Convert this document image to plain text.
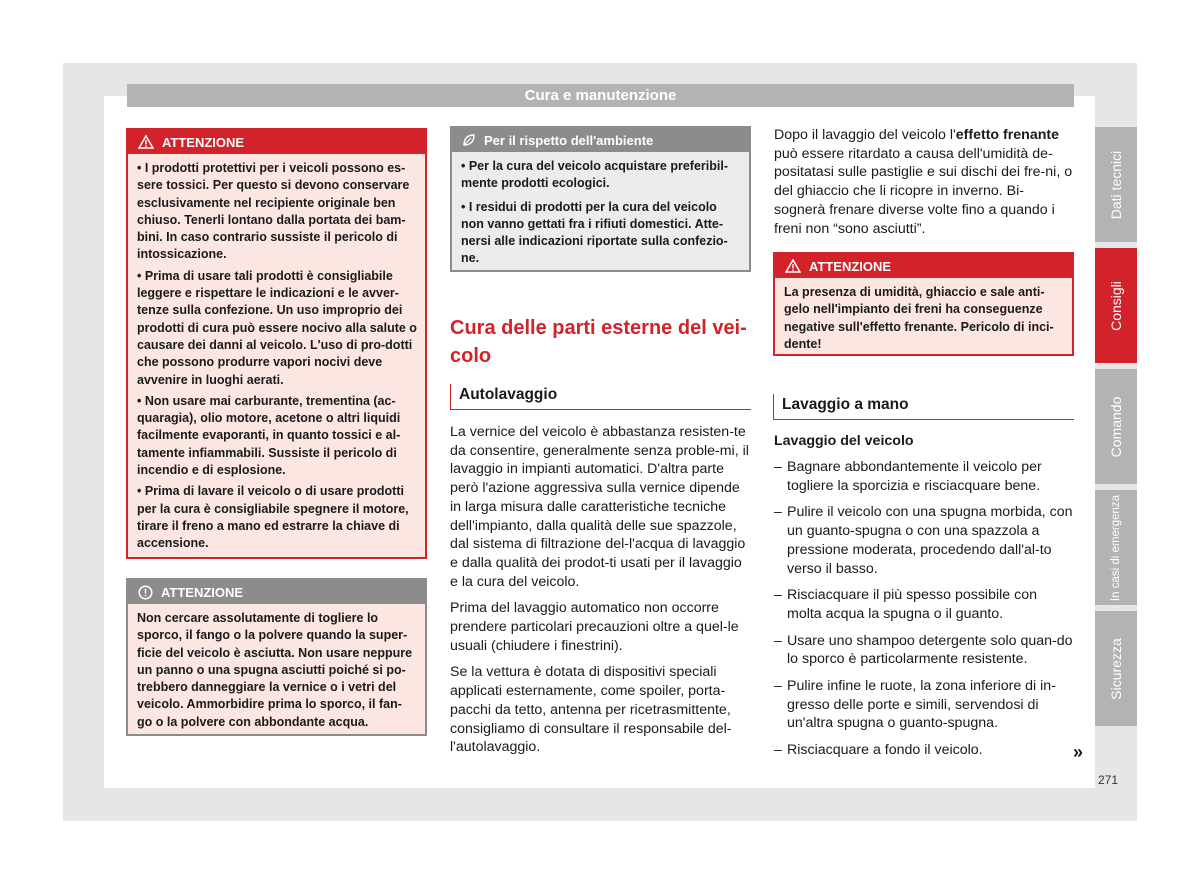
Cura e manutenzione
Dati tecnici
Consigli
Comando
In casi di emergenza
Sicurezza
ATTENZIONE

• I prodotti protettivi per i veicoli possono es-sere tossici. Per questo si devono conservare esclusivamente nel recipiente originale ben chiuso. Tenerli lontano dalla portata dei bam-bini. In caso contrario sussiste il pericolo di intossicazione.

• Prima di usare tali prodotti è consigliabile leggere e rispettare le indicazioni e le avver-tenze sulla confezione. Un uso improprio dei prodotti di cura può essere nocivo alla salute o causare dei danni al veicolo. L'uso di pro-dotti che possono produrre vapori nocivi deve avvenire in luoghi aerati.

• Non usare mai carburante, trementina (ac-quaragia), olio motore, acetone o altri liquidi facilmente evaporanti, in quanto tossici e al-tamente infiammabili. Sussiste il pericolo di incendio e di esplosione.

• Prima di lavare il veicolo o di usare prodotti per la cura è consigliabile spegnere il motore, tirare il freno a mano ed estrarre la chiave di accensione.

ATTENZIONE
Non cercare assolutamente di togliere lo sporco, il fango o la polvere quando la super-ficie del veicolo è asciutta. Non usare neppure un panno o una spugna asciutti poiché si po-trebbero danneggiare la vernice o i vetri del veicolo. Ammorbidire prima lo sporco, il fan-go o la polvere con abbondante acqua.
Per il rispetto dell'ambiente

• Per la cura del veicolo acquistare preferibil-mente prodotti ecologici.

• I residui di prodotti per la cura del veicolo non vanno gettati fra i rifiuti domestici. Atte-nersi alle indicazioni riportate sulla confezio-ne.

Cura delle parti esterne del vei-
colo
Autolavaggio

La vernice del veicolo è abbastanza resisten-te da consentire, generalmente senza proble-mi, il lavaggio in impianti automatici. D'altra parte però l'azione aggressiva sulla vernice dipende in larga misura dalle caratteristiche tecniche dell'impianto, dalla qualità delle sue spazzole, dal sistema di filtrazione del-l'acqua di lavaggio e dalla qualità dei prodot-ti usati per il lavaggio e la cura del veicolo.

Prima del lavaggio automatico non occorre prendere particolari precauzioni oltre a quel-le usuali (chiudere i finestrini).

Se la vettura è dotata di dispositivi speciali applicati esternamente, come spoiler, porta-pacchi da tetto, antenna per ricetrasmittente, consigliamo di consultare il responsabile del-l'autolavaggio.

Dopo il lavaggio del veicolo l'effetto frenante può essere ritardato a causa dell'umidità de-positatasi sulle pastiglie e sui dischi dei fre-ni, o del ghiaccio che li ricopre in inverno. Bi-sognerà frenare diverse volte fino a quando i freni non “sono asciutti”.
ATTENZIONE
La presenza di umidità, ghiaccio e sale anti-gelo nell'impianto dei freni ha conseguenze negative sull'effetto frenante. Pericolo di inci-dente!
Lavaggio a mano
Lavaggio del veicolo
– Bagnare abbondantemente il veicolo per togliere la sporcizia e risciacquare bene.
– Pulire il veicolo con una spugna morbida, con un guanto-spugna o con una spazzola a pressione moderata, procedendo dall'al-to verso il basso.
– Risciacquare il più spesso possibile con molta acqua la spugna o il guanto.
– Usare uno shampoo detergente solo quan-do lo sporco è particolarmente resistente.
– Pulire infine le ruote, la zona inferiore di in-gresso delle porte e simili, servendosi di un'altra spugna o guanto-spugna.
– Risciacquare a fondo il veicolo.	»
271
